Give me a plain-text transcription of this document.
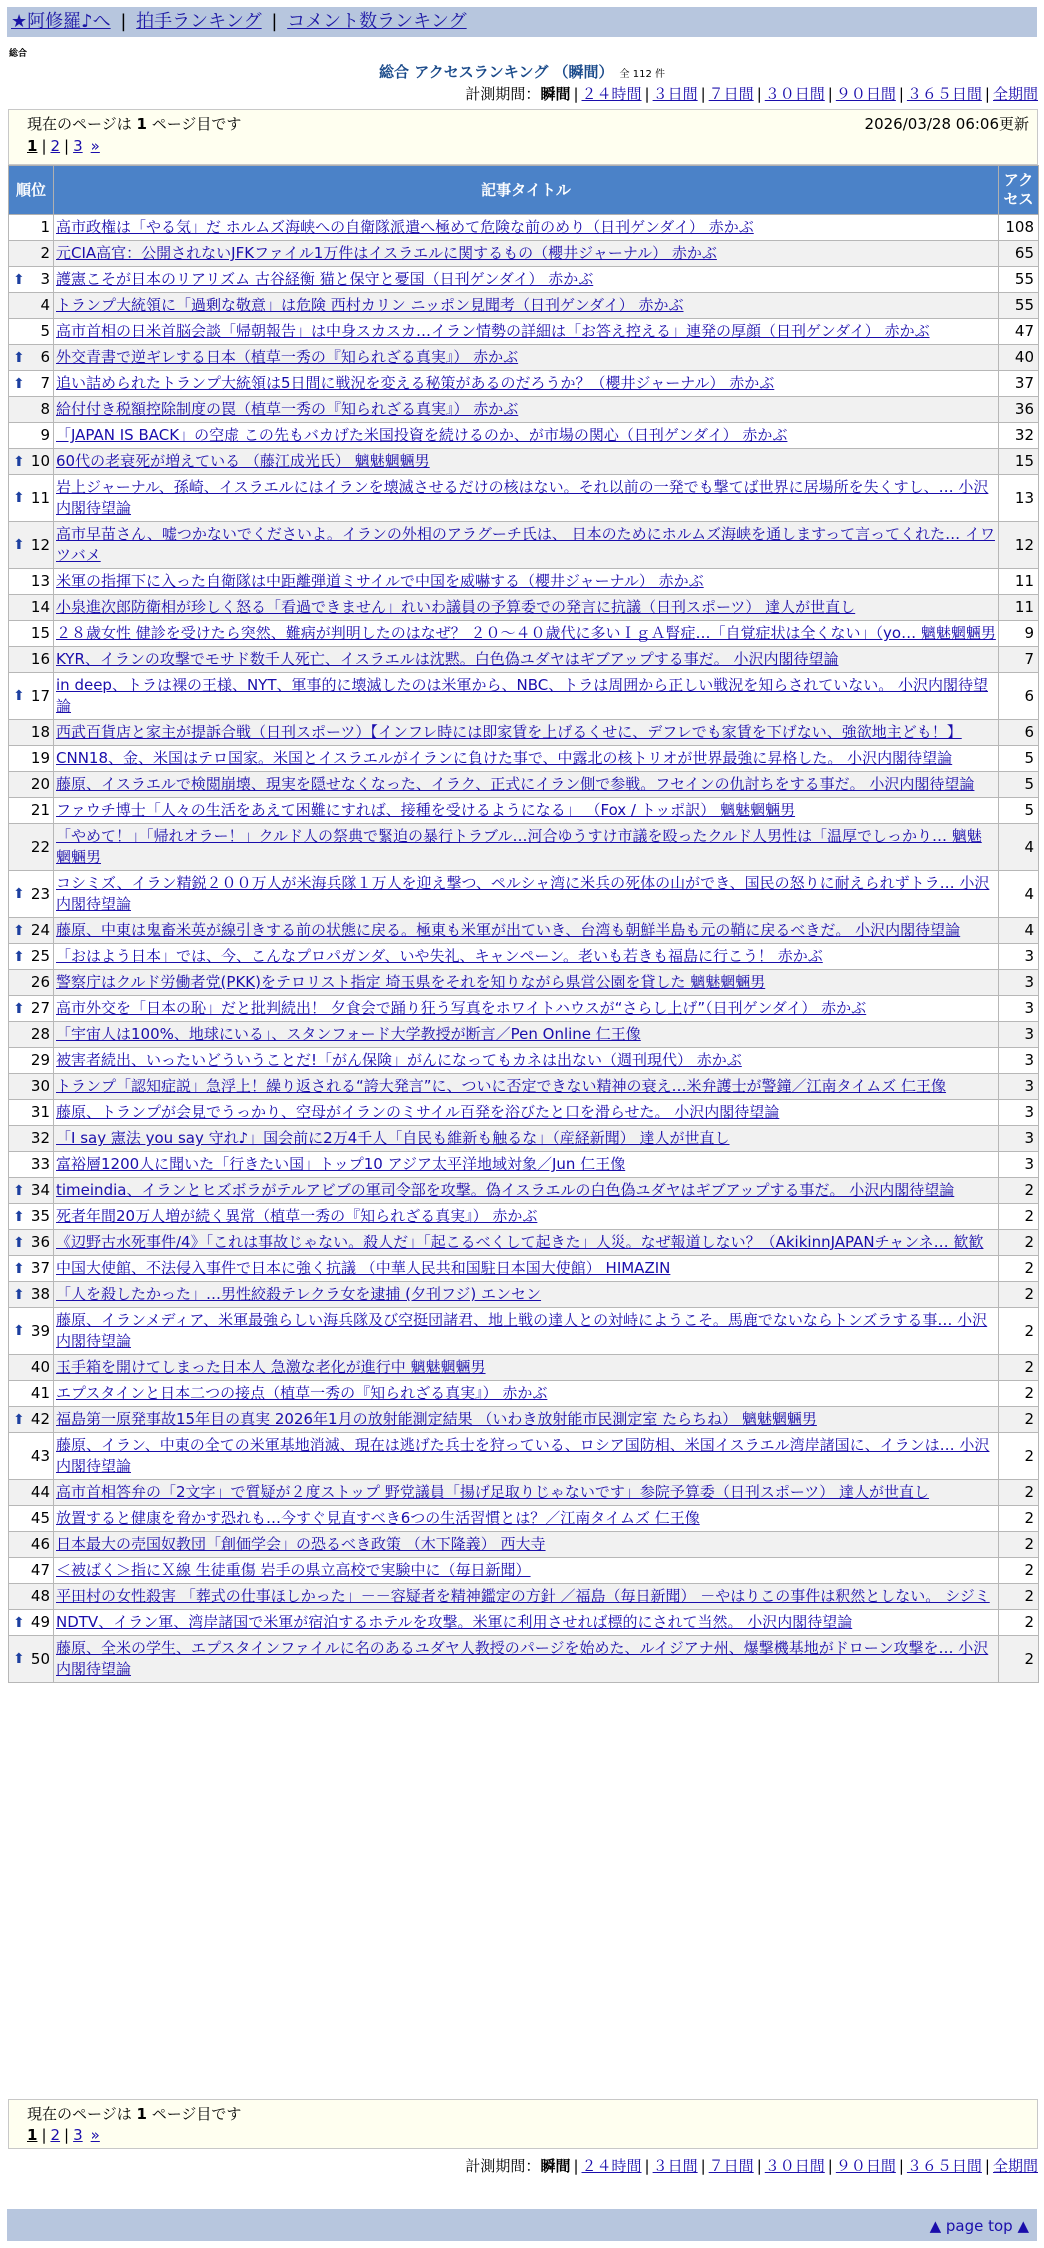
★阿修羅♪へ | 拍手ランキング | コメント数ランキング
総合
総合 アクセスランキング （瞬間） 全 112 件
計測期間：瞬間 | ２４時間 | ３日間 | ７日間 | ３０日間 | ９０日間 | ３６５日間 | 全期間
現在のページは 1 ページ目です	2026/03/28 06:06更新
1 | 2 | 3 »
順位	記事タイトル	アクセス
1	高市政権は「やる気」だ ホルムズ海峡への自衛隊派遣へ極めて危険な前のめり（日刊ゲンダイ） 赤かぶ	108
2	元CIA高官：公開されないJFKファイル1万件はイスラエルに関するもの（櫻井ジャーナル） 赤かぶ	65

⬆ 3	護憲こそが日本のリアリズム 古谷経衡 猫と保守と憂国（日刊ゲンダイ） 赤かぶ	55
4	トランプ大統領に「過剰な敬意」は危険 西村カリン ニッポン見聞考（日刊ゲンダイ） 赤かぶ	55
5	高市首相の日米首脳会談「帰朝報告」は中身スカスカ…イラン情勢の詳細は「お答え控える」連発の厚顔（日刊ゲンダイ） 赤かぶ	47

⬆ 6	外交青書で逆ギレする日本（植草一秀の『知られざる真実』） 赤かぶ	40

⬆ 7	追い詰められたトランプ大統領は5日間に戦況を変える秘策があるのだろうか？（櫻井ジャーナル） 赤かぶ	37
8	給付付き税額控除制度の罠（植草一秀の『知られざる真実』） 赤かぶ	36
9	「JAPAN IS BACK」の空虚 この先もバカげた米国投資を続けるのか、が市場の関心（日刊ゲンダイ） 赤かぶ	32

⬆ 10	60代の老衰死が増えている （藤江成光氏） 魑魅魍魎男	15

⬆ 11	岩上ジャーナル、孫崎、イスラエルにはイランを壊滅させるだけの核はない。それ以前の一発でも撃てば世界に居場所を失くすし、… 小沢内閣待望論	13

⬆ 12	高市早苗さん、嘘つかないでくださいよ。イランの外相のアラグーチ氏は、 日本のためにホルムズ海峡を通しますって言ってくれた… イワツバメ	12
13	米軍の指揮下に入った自衛隊は中距離弾道ミサイルで中国を威嚇する（櫻井ジャーナル） 赤かぶ	11
14	小泉進次郎防衛相が珍しく怒る「看過できません」れいわ議員の予算委での発言に抗議（日刊スポーツ） 達人が世直し	11
15	２８歳女性 健診を受けたら突然、難病が判明したのはなぜ？ ２０～４０歳代に多いＩｇＡ腎症…「自覚症状は全くない」（yo… 魑魅魍魎男	9
16	KYR、イランの攻撃でモサド数千人死亡、イスラエルは沈黙。白色偽ユダヤはギブアップする事だ。 小沢内閣待望論	7

⬆ 17	in deep、トラは裸の王様、NYT、軍事的に壊滅したのは米軍から、NBC、トラは周囲から正しい戦況を知らされていない。 小沢内閣待望論	6
18	西武百貨店と家主が提訴合戦（日刊スポーツ）【インフレ時には即家賃を上げるくせに、デフレでも家賃を下げない、強欲地主ども！】	6
19	CNN18、金、米国はテロ国家。米国とイスラエルがイランに負けた事で、中露北の核トリオが世界最強に昇格した。 小沢内閣待望論	5
20	藤原、イスラエルで検閲崩壊、現実を隠せなくなった、イラク、正式にイラン側で参戦。フセインの仇討ちをする事だ。 小沢内閣待望論	5
21	ファウチ博士「人々の生活をあえて困難にすれば、接種を受けるようになる」 （Fox / トッポ訳） 魑魅魍魎男	5
22	「やめて！」「帰れオラー！」クルド人の祭典で緊迫の暴行トラブル…河合ゆうすけ市議を殴ったクルド人男性は「温厚でしっかり… 魑魅魍魎男	4

⬆ 23	コシミズ、イラン精鋭２００万人が米海兵隊１万人を迎え撃つ、ペルシャ湾に米兵の死体の山ができ、国民の怒りに耐えられずトラ… 小沢内閣待望論	4

⬆ 24	藤原、中東は鬼畜米英が線引きする前の状態に戻る。極東も米軍が出ていき、台湾も朝鮮半島も元の鞘に戻るべきだ。 小沢内閣待望論	4

⬆ 25	「おはよう日本」では、今、こんなプロパガンダ、いや失礼、キャンペーン。老いも若きも福島に行こう！ 赤かぶ	3
26	警察庁はクルド労働者党(PKK)をテロリスト指定 埼玉県をそれを知りながら県営公園を貸した 魑魅魍魎男	3

⬆ 27	高市外交を「日本の恥」だと批判続出！ 夕食会で踊り狂う写真をホワイトハウスが“さらし上げ”（日刊ゲンダイ） 赤かぶ	3
28	「宇宙人は100%、地球にいる」、スタンフォード大学教授が断言／Pen Online 仁王像	3
29	被害者続出、いったいどういうことだ!「がん保険」がんになってもカネは出ない（週刊現代） 赤かぶ	3
30	トランプ「認知症説」急浮上！繰り返される“誇大発言”に、ついに否定できない精神の衰え…米弁護士が警鐘／江南タイムズ 仁王像	3
31	藤原、トランプが会見でうっかり、空母がイランのミサイル百発を浴びたと口を滑らせた。 小沢内閣待望論	3
32	「I say 憲法 you say 守れ♪」国会前に2万4千人「自民も維新も触るな」（産経新聞） 達人が世直し	3
33	富裕層1200人に聞いた「行きたい国」トップ10 アジア太平洋地域対象／Jun 仁王像	3

⬆ 34	timeindia、イランとヒズボラがテルアビブの軍司令部を攻撃。偽イスラエルの白色偽ユダヤはギブアップする事だ。 小沢内閣待望論	2

⬆ 35	死者年間20万人増が続く異常（植草一秀の『知られざる真実』） 赤かぶ	2

⬆ 36	《辺野古水死事件/4》「これは事故じゃない。殺人だ」「起こるべくして起きた」人災。なぜ報道しない？（AkikinnJAPANチャンネ… 歓歓	2

⬆ 37	中国大使館、不法侵入事件で日本に強く抗議 （中華人民共和国駐日本国大使館） HIMAZIN	2

⬆ 38	「人を殺したかった」…男性絞殺テレクラ女を逮捕 (夕刊フジ) エンセン	2

⬆ 39	藤原、イランメディア、米軍最強らしい海兵隊及び空挺団諸君、地上戦の達人との対峙にようこそ。馬鹿でないならトンズラする事… 小沢内閣待望論	2
40	玉手箱を開けてしまった日本人 急激な老化が進行中 魑魅魍魎男	2
41	エプスタインと日本二つの接点（植草一秀の『知られざる真実』） 赤かぶ	2

⬆ 42	福島第一原発事故15年目の真実 2026年1月の放射能測定結果 （いわき放射能市民測定室 たらちね） 魑魅魍魎男	2
43	藤原、イラン、中東の全ての米軍基地消滅、現在は逃げた兵士を狩っている、ロシア国防相、米国イスラエル湾岸諸国に、イランは… 小沢内閣待望論	2
44	高市首相答弁の「2文字」で質疑が２度ストップ 野党議員「揚げ足取りじゃないです」参院予算委（日刊スポーツ） 達人が世直し	2
45	放置すると健康を脅かす恐れも…今すぐ見直すべき6つの生活習慣とは？／江南タイムズ 仁王像	2
46	日本最大の売国奴教団「創価学会」の恐るべき政策 （木下隆義） 西大寺	2
47	＜被ばく＞指にＸ線 生徒重傷 岩手の県立高校で実験中に（毎日新聞）	2
48	平田村の女性殺害 「葬式の仕事ほしかった」－－容疑者を精神鑑定の方針 ／福島（毎日新聞） －やはりこの事件は釈然としない。 シジミ	2

⬆ 49	NDTV、イラン軍、湾岸諸国で米軍が宿泊するホテルを攻撃。米軍に利用させれば標的にされて当然。 小沢内閣待望論	2

⬆ 50	藤原、全米の学生、エプスタインファイルに名のあるユダヤ人教授のパージを始めた、ルイジアナ州、爆撃機基地がドローン攻撃を… 小沢内閣待望論	2
現在のページは 1 ページ目です
1 | 2 | 3 »
計測期間：瞬間 | ２４時間 | ３日間 | ７日間 | ３０日間 | ９０日間 | ３６５日間 | 全期間
▲ page top ▲
